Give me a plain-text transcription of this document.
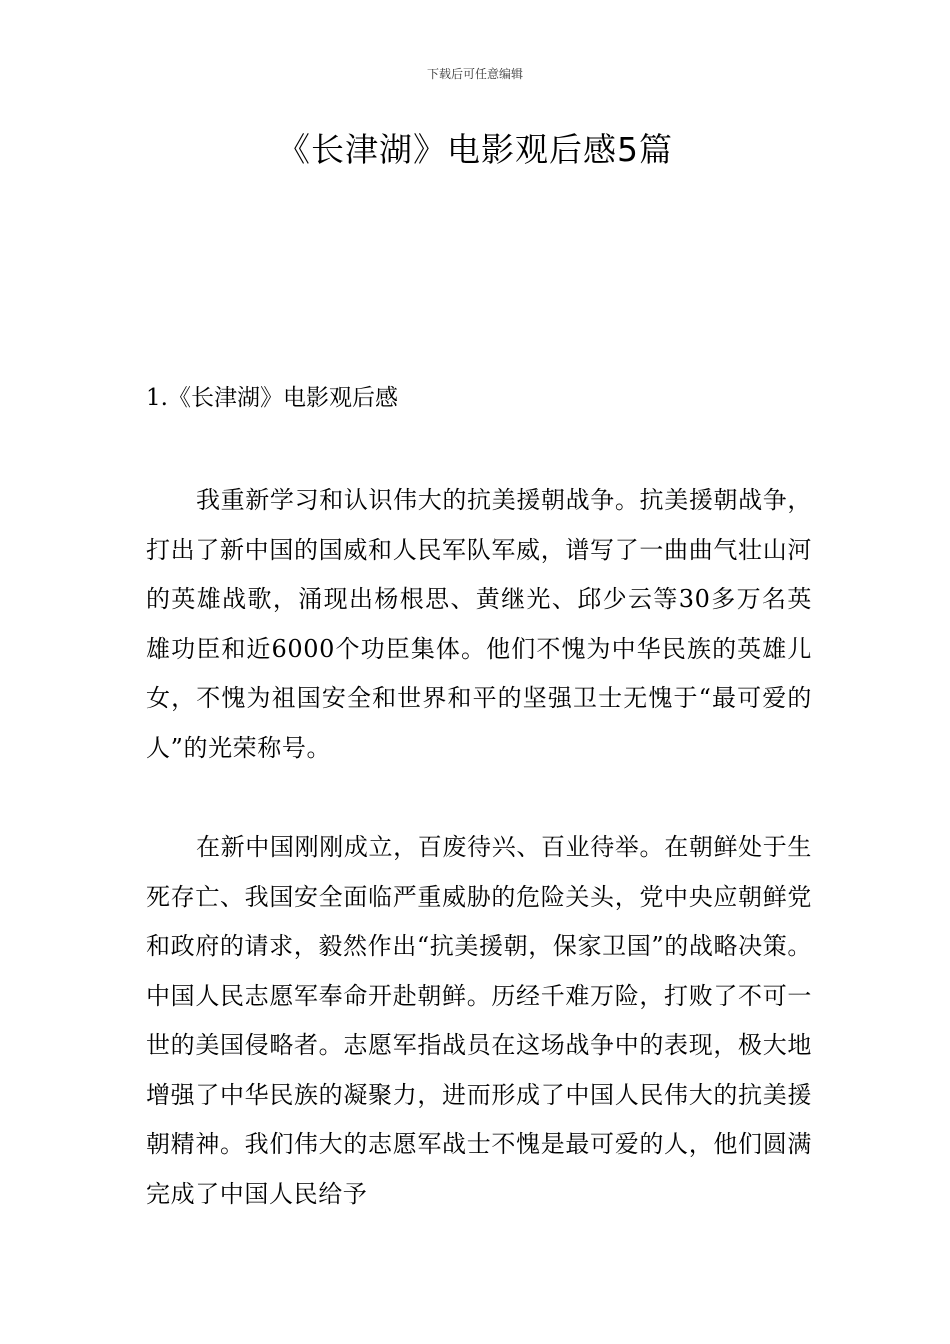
下载后可任意编辑
《长津湖》电影观后感5篇
1.《长津湖》电影观后感
我重新学习和认识伟大的抗美援朝战争。抗美援朝战争，打出了新中国的国威和人民军队军威，谱写了一曲曲气壮山河的英雄战歌，涌现出杨根思、黄继光、邱少云等30多万名英雄功臣和近6000个功臣集体。他们不愧为中华民族的英雄儿女，不愧为祖国安全和世界和平的坚强卫士无愧于“最可爱的人”的光荣称号。
在新中国刚刚成立，百废待兴、百业待举。在朝鲜处于生死存亡、我国安全面临严重威胁的危险关头，党中央应朝鲜党和政府的请求，毅然作出“抗美援朝，保家卫国”的战略决策。中国人民志愿军奉命开赴朝鲜。历经千难万险，打败了不可一世的美国侵略者。志愿军指战员在这场战争中的表现，极大地增强了中华民族的凝聚力，进而形成了中国人民伟大的抗美援朝精神。我们伟大的志愿军战士不愧是最可爱的人，他们圆满完成了中国人民给予
